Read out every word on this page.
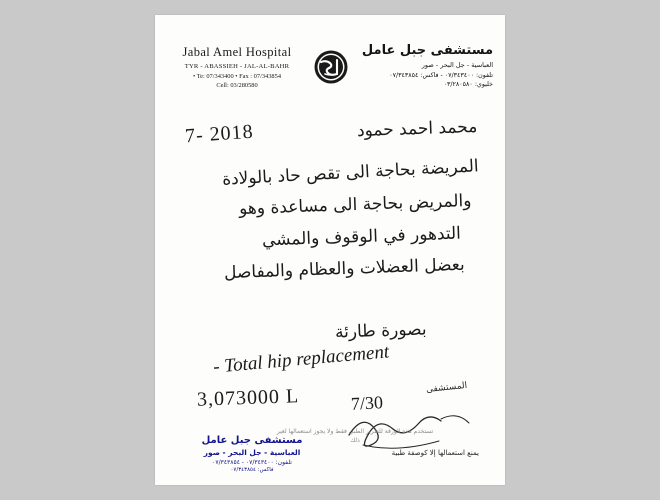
Jabal Amel Hospital
TYR - ABASSIEH - JAL-AL-BAHR
• Te: 07/343400 • Fax : 07/343854
Cell: 03/280580
مستشفى جبل عامل
العباسية - جل البحر - صور
تلفون: ٠٧/٣٤٣٤٠٠ - فاكس: ٠٧/٣٤٣٨٥٤
خليوي: ٠٣/٢٨٠٥٨٠
7- 2018	محمد احمد حمود
المريضة بحاجة الى تقص حاد بالولادة
والمريض بحاجة الى مساعدة وهو
التدهور في الوقوف والمشي
بعضل العضلات والعظام والمفاصل
بصورة طارئة
- Total hip replacement
3,073000 L	7/30
المستشفى
تستخدم هذه الورقة للتقرير الطبي فقط ولا يجوز استعمالها لغير ذلك
مستشفى جبل عامل
العباسية - جل البحر - صور
تلفون: ٠٧/٣٤٣٤٠٠ - ٠٧/٣٤٣٨٥٤
فاكس: ٠٧/٣٤٣٨٥٤
يمنع استعمالها إلا كوصفة طبية
